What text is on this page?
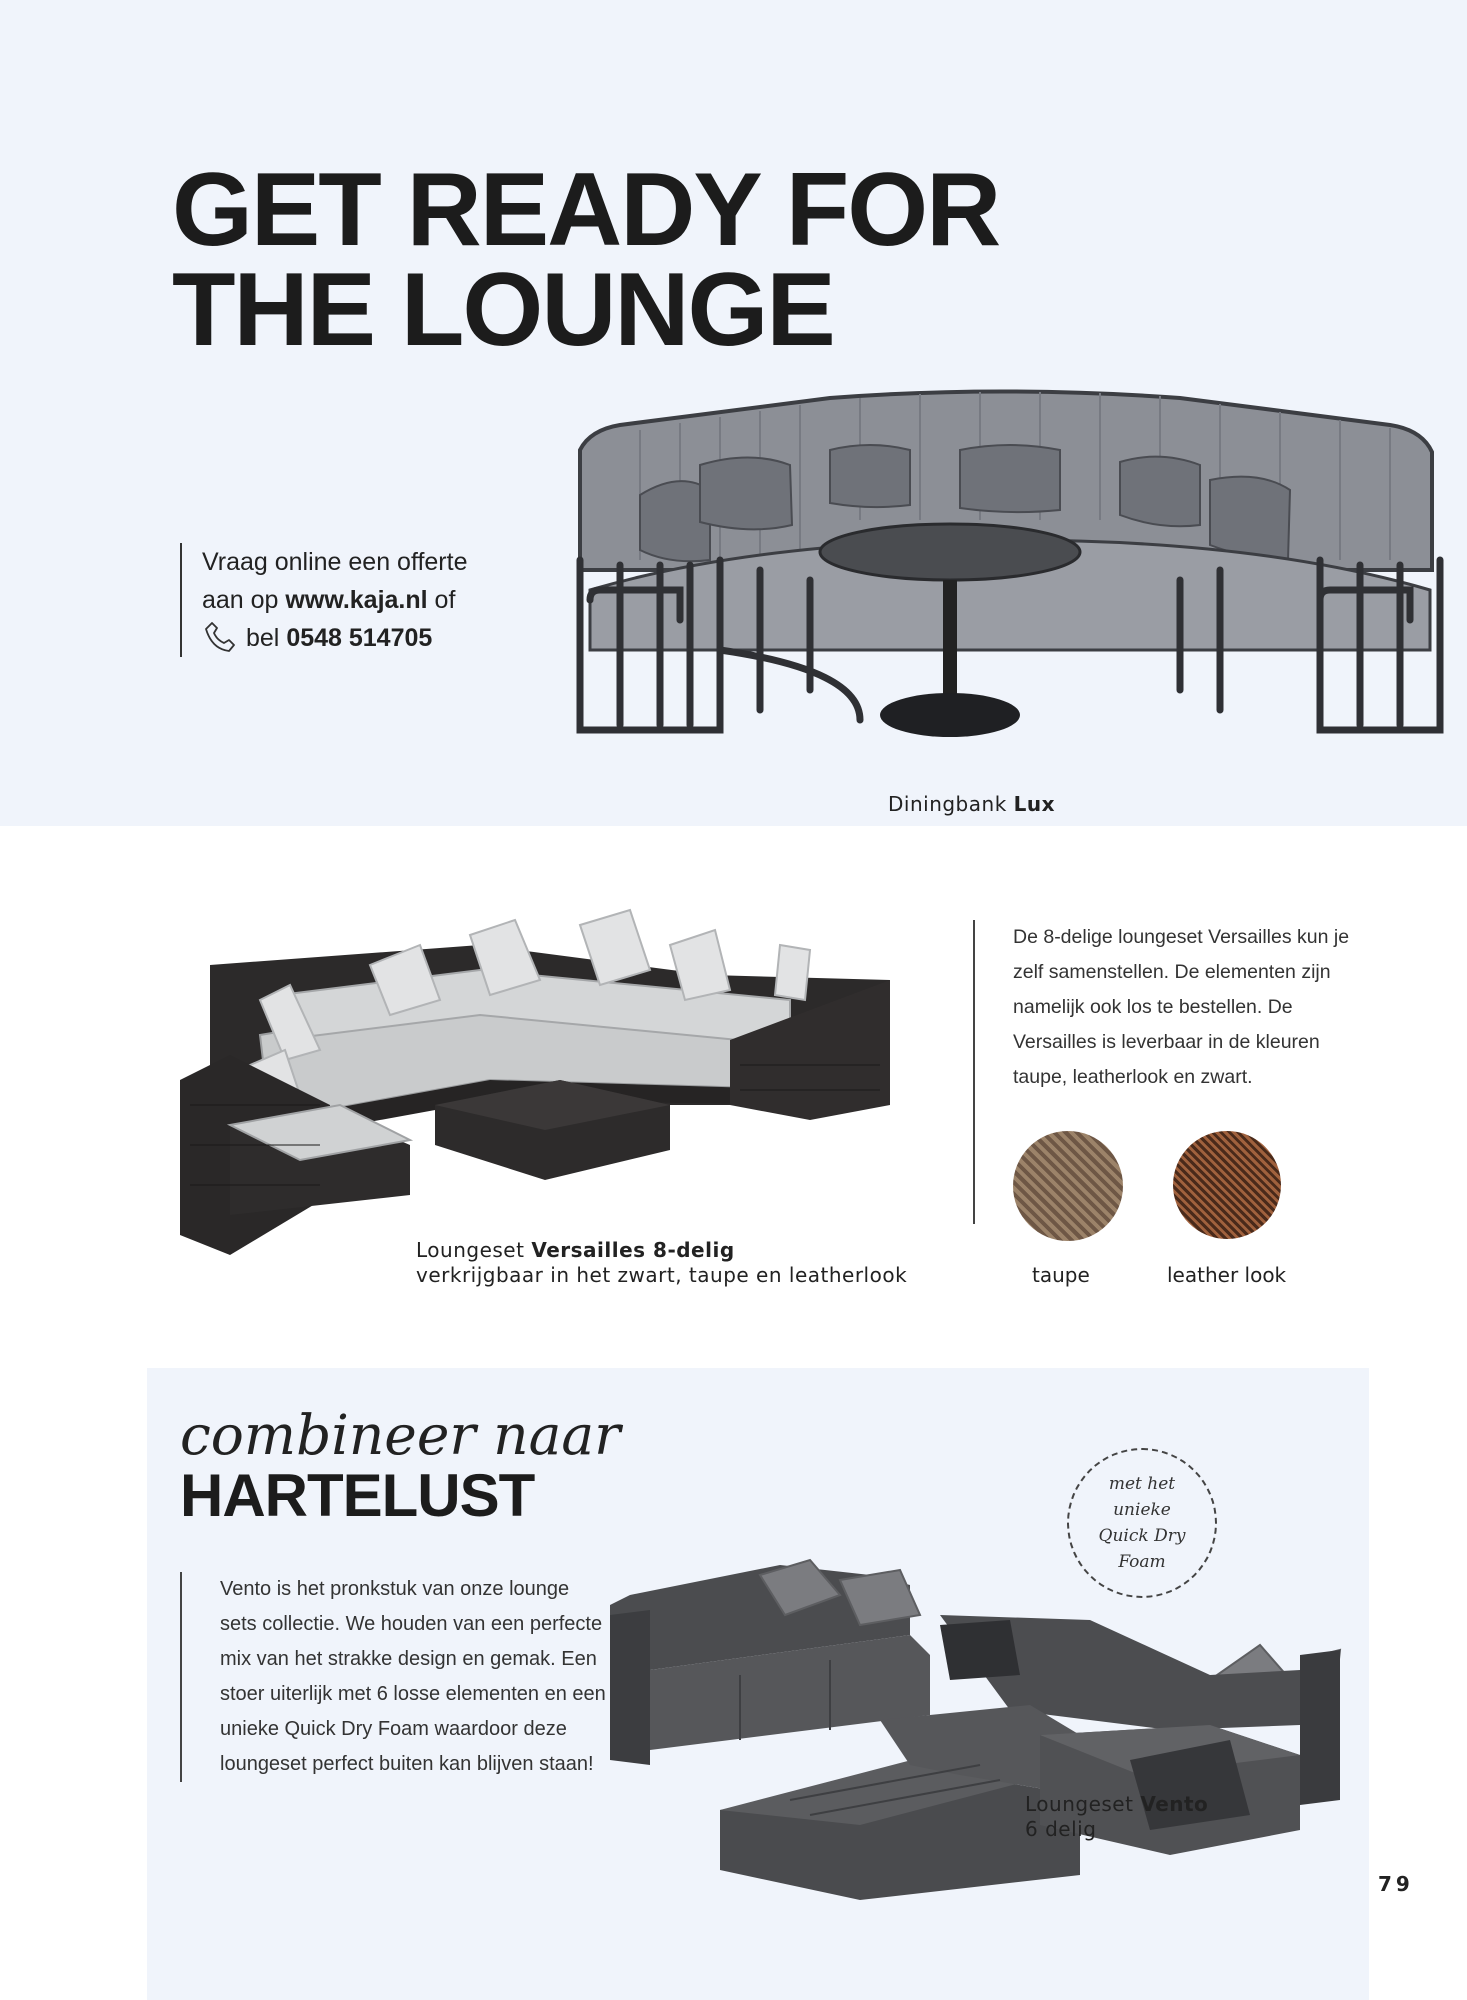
GET READY FOR
THE LOUNGE
Vraag online een offerte
aan op www.kaja.nl of
bel 0548 514705
Diningbank Lux
Loungeset Versailles 8-delig
verkrijgbaar in het zwart, taupe en leatherlook
De 8-delige loungeset Versailles kun je zelf samenstellen. De elementen zijn namelijk ook los te bestellen. De Versailles is leverbaar in de kleuren taupe, leatherlook en zwart.
taupe	leather look
combineer naar
HARTELUST
Vento is het pronkstuk van onze lounge sets collectie. We houden van een perfecte mix van het strakke design en gemak. Een stoer uiterlijk met 6 losse elementen en een unieke Quick Dry Foam waardoor deze loungeset perfect buiten kan blijven staan!
met het
unieke
Quick Dry
Foam
Loungeset Vento
6 delig
79
